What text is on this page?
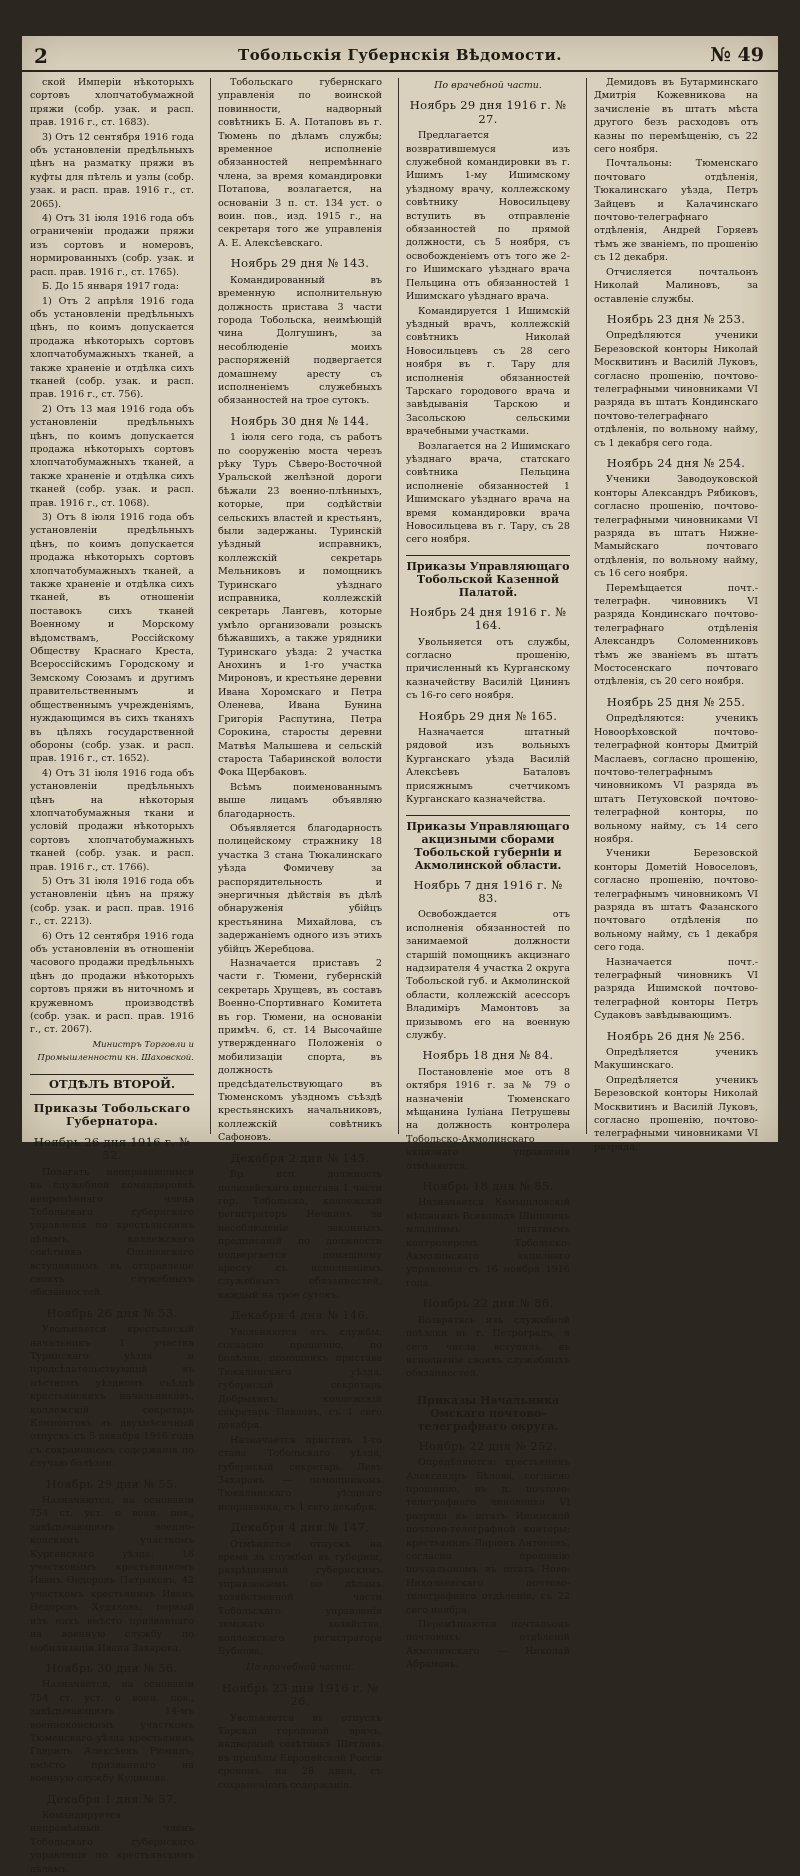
2	Тобольскія Губернскія Вѣдомости.	№ 49

ской Имперіи нѣкоторыхъ сортовъ хлопчатобумажной пряжи (собр. узак. и расп. прав. 1916 г., ст. 1683).

3) Отъ 12 сентября 1916 года объ установленіи предѣльныхъ цѣнъ на разматку пряжи въ куфты для пѣтель и узлы (собр. узак. и расп. прав. 1916 г., ст. 2065).

4) Отъ 31 іюля 1916 года объ ограниченіи продажи пряжи изъ сортовъ и номеровъ, нормированныхъ (собр. узак. и расп. прав. 1916 г., ст. 1765).

Б. До 15 января 1917 года:

1) Отъ 2 апрѣля 1916 года объ установленіи предѣльныхъ цѣнъ, по коимъ допускается продажа нѣкоторыхъ сортовъ хлопчатобумажныхъ тканей, а также храненіе и отдѣлка сихъ тканей (собр. узак. и расп. прав. 1916 г., ст. 756).

2) Отъ 13 мая 1916 года объ установленіи предѣльныхъ цѣнъ, по коимъ допускается продажа нѣкоторыхъ сортовъ хлопчатобумажныхъ тканей, а также храненіе и отдѣлка сихъ тканей (собр. узак. и расп. прав. 1916 г., ст. 1068).

3) Отъ 8 іюля 1916 года объ установленіи предѣльныхъ цѣнъ, по коимъ допускается продажа нѣкоторыхъ сортовъ хлопчатобумажныхъ тканей, а также храненіе и отдѣлка сихъ тканей, въ отношеніи поставокъ сихъ тканей Военному и Морскому вѣдомствамъ, Россійскому Обществу Краснаго Креста, Всероссійскимъ Городскому и Земскому Союзамъ и другимъ правительственнымъ и общественнымъ учрежденіямъ, нуждающимся въ сихъ тканяхъ въ цѣляхъ государственной обороны (собр. узак. и расп. прав. 1916 г., ст. 1652).

4) Отъ 31 іюля 1916 года объ установленіи предѣльныхъ цѣнъ на нѣкоторыя хлопчатобумажныя ткани и условій продажи нѣкоторыхъ сортовъ хлопчатобумажныхъ тканей (собр. узак. и расп. прав. 1916 г., ст. 1766).

5) Отъ 31 іюля 1916 года объ установленіи цѣнъ на пряжу (собр. узак. и расп. прав. 1916 г., ст. 2213).

6) Отъ 12 сентября 1916 года объ установленіи въ отношеніи часового продажи предѣльныхъ цѣнъ до продажи нѣкоторыхъ сортовъ пряжи въ ниточномъ и кружевномъ производствѣ (собр. узак. и расп. прав. 1916 г., ст. 2067).

Министръ Торговли и Промышленности кн. Шаховской.

ОТДѢЛЪ ВТОРОЙ.
Приказы Тобольскаго Губернатора.
Ноябрь 26 дня 1916 г. № 52.

Полагать неоправившимся въ служебной командировкѣ непремѣннаго члена Тобольскаго губернскаго управленія по крестьянскимъ дѣламъ, коллежскаго совѣтника Ольшевскаго вступившимъ въ отправленіе своихъ служебныхъ обязанностей.

Ноябрь 26 дня № 53.

Увольняется крестьянскій начальникъ 1 участка Туринскаго уѣзда и предсѣдательствующій въ мѣстномъ уѣздномъ съѣздѣ крестьянскихъ начальниковъ, коллежскій секретарь Климонтовъ въ двухмѣсячный отпускъ съ 5 декабря 1916 года съ сохраненіемъ содержанія по случаю болѣзни.

Ноябрь 29 дня № 55.

Назначаются, на основаніи 754 ст. уст. о воин. пов., завѣдывающимъ военно-конскимъ участкомъ Курганскаго уѣзда: 16 участковымъ крестьяниномъ Иванъ Өедоровъ Патраковъ, 42 участкомъ крестьянинъ Иванъ Өедоровъ Худяковъ; первый изъ нихъ вмѣсто призваннаго на военную службу по мобилизаціи Ивана Захарова.

Ноябрь 30 дня № 56.

Назначается, на основаніи 754 ст. уст. о воин. пов., завѣдывающимъ 14-мъ военноконскимъ участкомъ Тюменскаго уѣзда крестьянинъ Гаврилъ Алексѣевъ Рюминъ, вмѣсто призваннаго на военную службу Кудинова.

Декабря 1 дня № 57.

Командируется непремѣнный членъ Тобольскаго губернскаго управленія по крестьянскимъ дѣламъ.

Тобольскаго губернскаго управленія по воинской повинности, надворный совѣтникъ Б. А. Потаповъ въ г. Тюмень по дѣламъ службы; временное исполненіе обязанностей непремѣннаго члена, за время командировки Потапова, возлагается, на основаніи 3 п. ст. 134 уст. о воин. пов., изд. 1915 г., на секретаря того же управленія А. Е. Алексѣевскаго.

Ноябрь 29 дня № 143.

Командированный въ временную исполнительную должность пристава 3 части города Тобольска, неимѣющій чина Долгушинъ, за несоблюденіе моихъ распоряженій подвергается домашнему аресту съ исполненіемъ служебныхъ обязанностей на трое сутокъ.

Ноябрь 30 дня № 144.

1 іюля сего года, съ работъ по сооруженію моста черезъ рѣку Туръ Сѣверо-Восточной Уральской желѣзной дороги бѣжали 23 военно-плѣнныхъ, которые, при содѣйствіи сельскихъ властей и крестьянъ, были задержаны. Туринскій уѣздный исправникъ, коллежскій секретарь Мельниковъ и помощникъ Туринскаго уѣзднаго исправника, коллежскій секретарь Лангевъ, которые умѣло организовали розыскъ бѣжавшихъ, а также урядники Туринскаго уѣзда: 2 участка Анохинъ и 1-го участка Мироновъ, и крестьяне деревни Ивана Хоромскаго и Петра Оленева, Ивана Бунина Григорія Распутина, Петра Сорокина, старосты деревни Матвѣя Малышева и сельскій староста Табаринской волости Фока Щербаковъ.

Всѣмъ поименованнымъ выше лицамъ объявляю благодарность.

Объявляется благодарность полицейскому стражнику 18 участка 3 стана Тюкалинскаго уѣзда Фомичеву за распорядительность и энергичныя дѣйствія въ дѣлѣ обнаруженія убійцъ крестьянина Михайлова, съ задержаніемъ одного изъ этихъ убійцъ Жеребцова.

Назначается приставъ 2 части г. Тюмени, губернскій секретарь Хрущевъ, въ составъ Военно-Спортивнаго Комитета въ гор. Тюмени, на основаніи примѣч. 6, ст. 14 Высочайше утвержденнаго Положенія о мобилизаціи спорта, въ должность предсѣдательствующаго въ Тюменскомъ уѣздномъ съѣздѣ крестьянскихъ начальниковъ, коллежскій совѣтникъ Сафоновъ.

Декабря 2 дня № 145.

Вр. исп. должность полицейскаго пристава 1 части гор. Тобольска, коллежскій регистраторъ Нечкинъ за несоблюденіе законныхъ предписаній по должности подвергается домашнему аресту съ исполненіемъ служебныхъ обязанностей, каждый на трое сутокъ.

Декабря 4 дня № 146.

Увольняются отъ службы, согласно прошенію, по болѣзни, помощникъ пристава Тюкалинскаго уѣзда, губернскій секретарь Добрыхинъ; коллежскій секретарь Павловъ, съ 1 сего декабря.

Назначается приставъ 1-го стана Тобольскаго уѣзда, губернскій секретарь Левъ Захаровъ — помощникомъ Тюкалинскаго уѣзднаго исправника, съ 1 сего декабря.

Декабря 4 дня № 147.

Отмѣняется отпускъ на время за службой въ губерніи, разрѣшенный губернскимъ управленіемъ по дѣламъ хозяйственной части Тобольскаго управленія земскаго хозяйства, коллежскаго регистратора Бубнова.

По врачебной части.
Ноябрь 23 дня 1916 г. № 26.

Увольняется въ отпускъ Тарскій городовой врачъ, надворный совѣтникъ Щегловъ въ предѣлы Европейской Россіи срокомъ на 28 дней, съ сохраненіемъ содержанія.

По врачебной части.
Ноябрь 29 дня 1916 г. № 27.

Предлагается возвратившемуся изъ служебной командировки въ г. Ишимъ 1-му Ишимскому уѣздному врачу, коллежскому совѣтнику Новосильцеву вступить въ отправленіе обязанностей по прямой должности, съ 5 ноября, съ освобожденіемъ отъ того же 2-го Ишимскаго уѣзднаго врача Пельцина отъ обязанностей 1 Ишимскаго уѣзднаго врача.

Командируется 1 Ишимскій уѣздный врачъ, коллежскій совѣтникъ Николай Новосильцевъ съ 28 сего ноября въ г. Тару для исполненія обязанностей Тарскаго городового врача и завѣдыванія Тарскою и Засольскою сельскими врачебными участками.

Возлагается на 2 Ишимскаго уѣзднаго врача, статскаго совѣтника Пельцина исполненіе обязанностей 1 Ишимскаго уѣзднаго врача на время командировки врача Новосильцева въ г. Тару, съ 28 сего ноября.

Приказы Управляющаго Тобольской Казенной Палатой.
Ноябрь 24 дня 1916 г. № 164.

Увольняется отъ службы, согласно прошенію, причисленный къ Курганскому казначейству Василій Цининъ съ 16-го сего ноября.

Ноябрь 29 дня № 165.

Назначается штатный рядовой изъ вольныхъ Курганскаго уѣзда Василій Алексѣевъ Баталовъ присяжнымъ счетчикомъ Курганскаго казначейства.

Приказы Управляющаго акцизными сборами Тобольской губерніи и Акмолинской области.
Ноябрь 7 дня 1916 г. № 83.

Освобождается отъ исполненія обязанностей по занимаемой должности старшій помощникъ акцизнаго надзирателя 4 участка 2 округа Тобольской губ. и Акмолинской области, коллежскій асессоръ Владиміръ Мамонтовъ за призывомъ его на военную службу.

Ноябрь 18 дня № 84.

Постановленіе мое отъ 8 октября 1916 г. за № 79 о назначеніи Тюменскаго мѣщанина Іуліана Петрушевы на должность контролера Тобольско-Акмолинскаго акцизнаго управленія отмѣняется.

Ноябрь 18 дня № 85.

Назначается Камышловскій мѣщанинъ Всеволодъ Шишкинъ младшимъ штатнымъ контролеромъ Тобольско-Акмолинскаго акцизнаго управленія съ 16 ноября 1916 года.

Ноябрь 22 дня № 86.

Возвратясь изъ служебной поѣздки въ г. Петроградъ, я сего числа вступилъ въ исполненіе своихъ служебныхъ обязанностей.

Приказы Начальника Омскаго почтово-телеграфнаго округа.
Ноябрь 22 дня № 252.

Опредѣляются: крестьянинъ Александръ Бѣлова, согласно прошенію, въ д. почтово-телеграфнаго чиновника VI разряда въ штатъ Ишимской почтово-телеграфной конторы; крестьянинъ Ларіонъ Антоновъ, согласно прошенію почтальономъ въ штатъ Ново-Николаевскаго почтово-телеграфнаго отдѣленія, съ 22 сего ноября.

Перемѣщаются почтальонъ почтовыхъ отдѣленій Акмолинскаго — Николай Абрамовъ.

Демидовъ въ Бутарминскаго Дмитрія Кожевникова на зачисленіе въ штатъ мѣста другого безъ расходовъ отъ казны по перемѣщенію, съ 22 сего ноября.

Почтальоны: Тюменскаго почтоваго отдѣленія, Тюкалинскаго уѣзда, Петръ Зайцевъ и Калачинскаго почтово-телеграфнаго отдѣленія, Андрей Горяевъ тѣмъ же званіемъ, по прошенію съ 12 декабря.

Отчисляется почтальонъ Николай Малиновъ, за оставленіе службы.

Ноябрь 23 дня № 253.

Опредѣляются ученики Березовской конторы Николай Москвитинъ и Василій Луковъ, согласно прошенію, почтово-телеграфными чиновниками VI разряда въ штатъ Кондинскаго почтово-телеграфнаго отдѣленія, по вольному найму, съ 1 декабря сего года.

Ноябрь 24 дня № 254.

Ученики Заводоуковской конторы Александръ Рябиковъ, согласно прошенію, почтово-телеграфными чиновниками VI разряда въ штатъ Нижне-Мамыйскаго почтоваго отдѣленія, по вольному найму, съ 16 сего ноября.

Перемѣщается почт.-телеграфн. чиновникъ VI разряда Кондинскаго почтово-телеграфнаго отдѣленія Александръ Соломенниковъ тѣмъ же званіемъ въ штатъ Мостосенскаго почтоваго отдѣленія, съ 20 сего ноября.

Ноябрь 25 дня № 255.

Опредѣляются: ученикъ Новоорѣховской почтово-телеграфной конторы Дмитрій Маслаевъ, согласно прошенію, почтово-телеграфнымъ чиновникомъ VI разряда въ штатъ Петуховской почтово-телеграфной конторы, по вольному найму, съ 14 сего ноября.

Ученики Березовской конторы Дометій Новоселовъ, согласно прошенію, почтово-телеграфнымъ чиновникомъ VI разряда въ штатъ Фазанского почтоваго отдѣленія по вольному найму, съ 1 декабря сего года.

Назначается почт.-телеграфный чиновникъ VI разряда Ишимской почтово-телеграфной конторы Петръ Судаковъ завѣдывающимъ.

Ноябрь 26 дня № 256.

Опредѣляется ученикъ Макушинскаго.

Опредѣляется ученикъ Березовской конторы Николай Москвитинъ и Василій Луковъ, согласно прошенію, почтово-телеграфными чиновниками VI разряда.
